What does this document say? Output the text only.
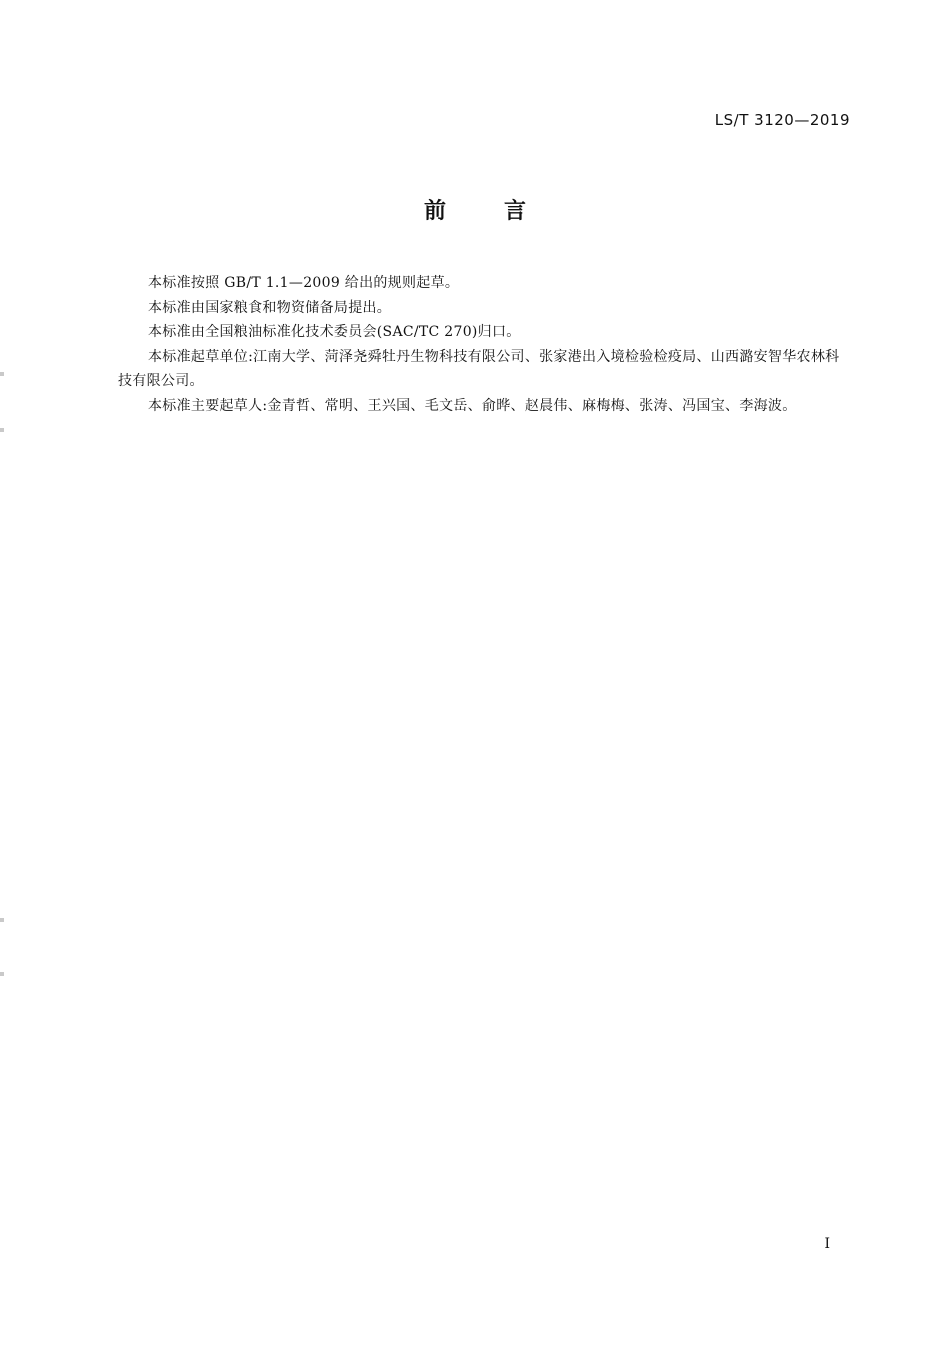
LS/T 3120—2019
前言

本标准按照 GB/T 1.1—2009 给出的规则起草。

本标准由国家粮食和物资储备局提出。

本标准由全国粮油标准化技术委员会(SAC/TC 270)归口。

本标准起草单位:江南大学、菏泽尧舜牡丹生物科技有限公司、张家港出入境检验检疫局、山西潞安智华农林科技有限公司。

本标准主要起草人:金青哲、常明、王兴国、毛文岳、俞晔、赵晨伟、麻梅梅、张涛、冯国宝、李海波。

I
